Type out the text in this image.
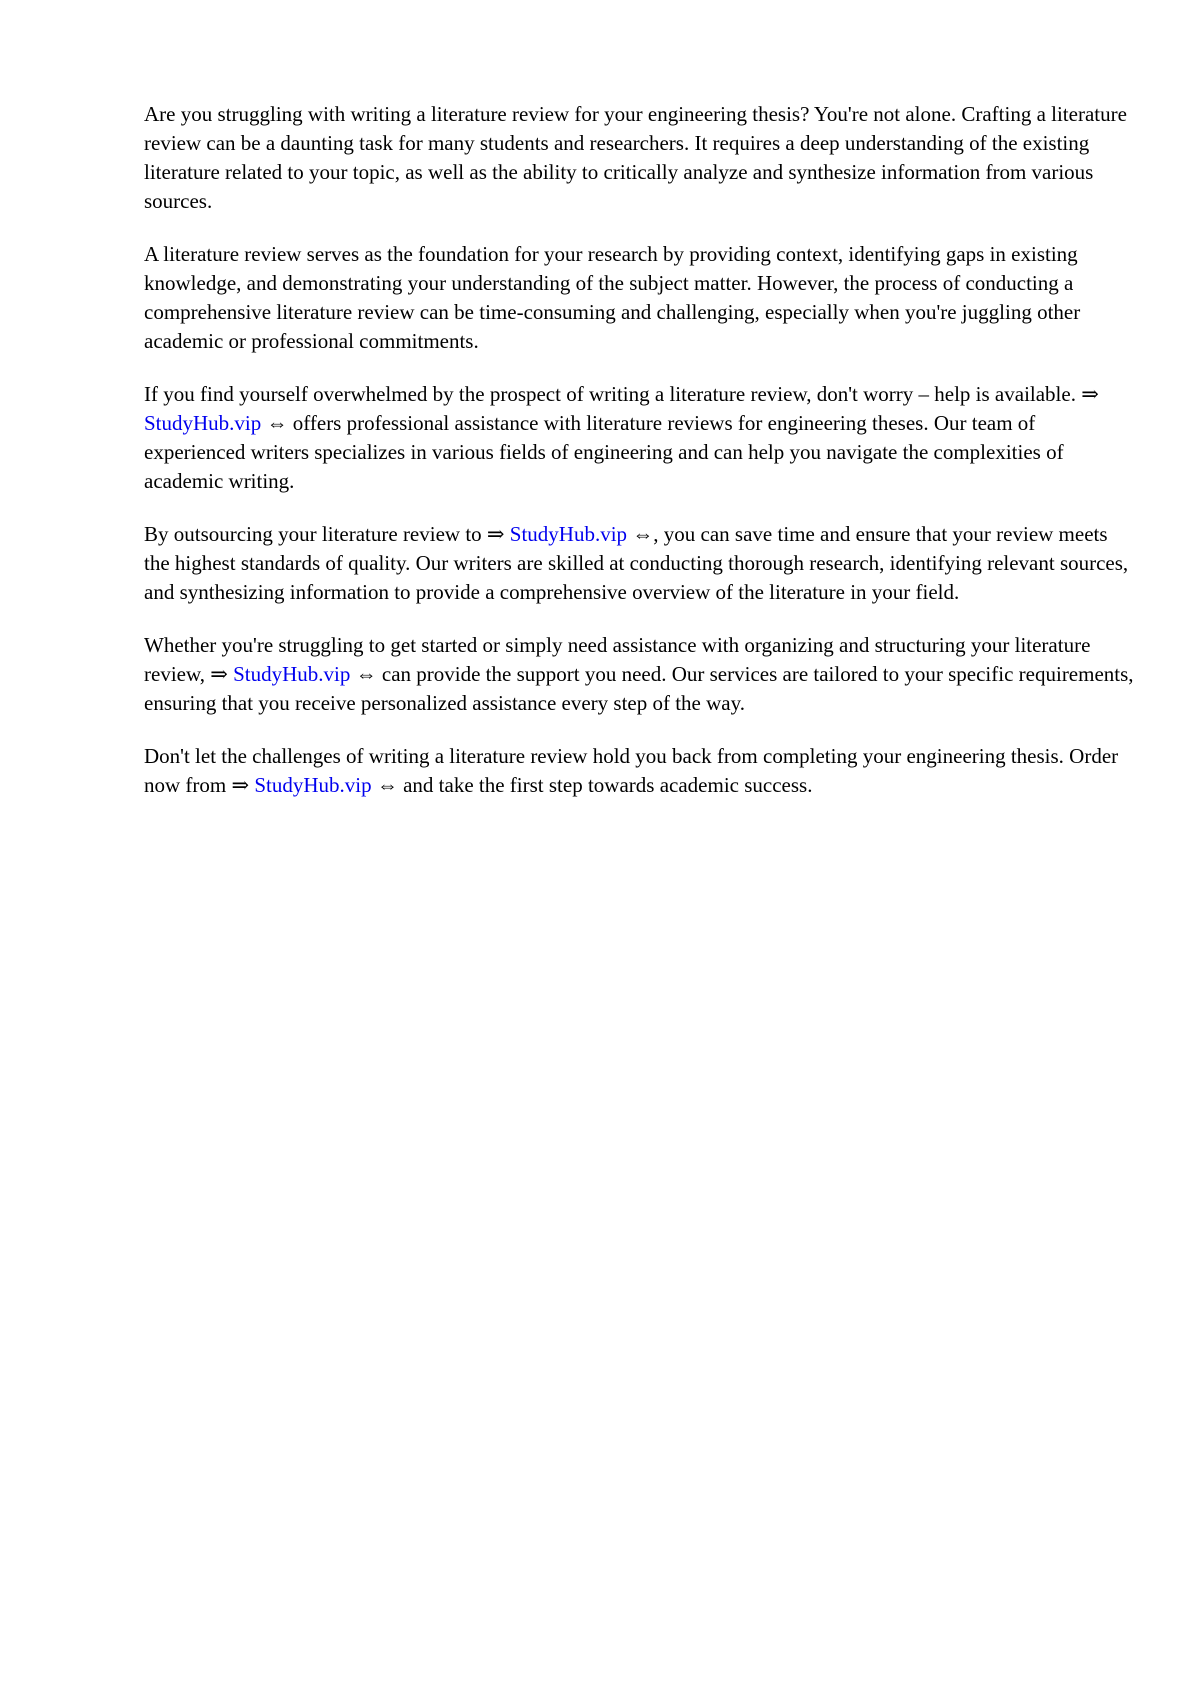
Are you struggling with writing a literature review for your engineering thesis? You're not alone. Crafting a literature review can be a daunting task for many students and researchers. It requires a deep understanding of the existing literature related to your topic, as well as the ability to critically analyze and synthesize information from various sources.

A literature review serves as the foundation for your research by providing context, identifying gaps in existing knowledge, and demonstrating your understanding of the subject matter. However, the process of conducting a comprehensive literature review can be time-consuming and challenging, especially when you're juggling other academic or professional commitments.

If you find yourself overwhelmed by the prospect of writing a literature review, don't worry – help is available. ⇒ StudyHub.vip ⇔ offers professional assistance with literature reviews for engineering theses. Our team of experienced writers specializes in various fields of engineering and can help you navigate the complexities of academic writing.

By outsourcing your literature review to ⇒ StudyHub.vip ⇔, you can save time and ensure that your review meets the highest standards of quality. Our writers are skilled at conducting thorough research, identifying relevant sources, and synthesizing information to provide a comprehensive overview of the literature in your field.

Whether you're struggling to get started or simply need assistance with organizing and structuring your literature review, ⇒ StudyHub.vip ⇔ can provide the support you need. Our services are tailored to your specific requirements, ensuring that you receive personalized assistance every step of the way.

Don't let the challenges of writing a literature review hold you back from completing your engineering thesis. Order now from ⇒ StudyHub.vip ⇔ and take the first step towards academic success.
